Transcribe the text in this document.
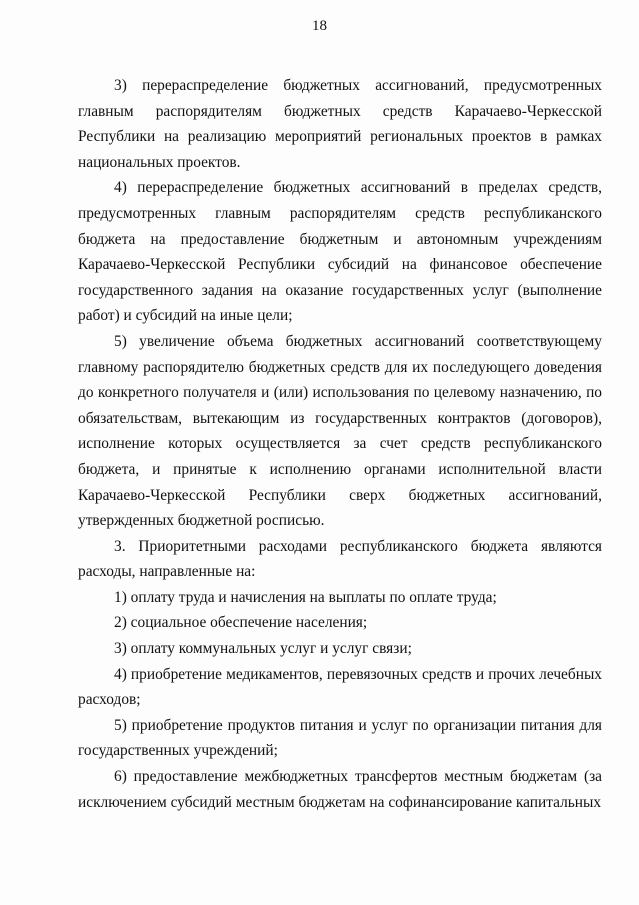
18

3) перераспределение бюджетных ассигнований, предусмотренных главным распорядителям бюджетных средств Карачаево-Черкесской Республики на реализацию мероприятий региональных проектов в рамках национальных проектов.

4) перераспределение бюджетных ассигнований в пределах средств, предусмотренных главным распорядителям средств республиканского бюджета на предоставление бюджетным и автономным учреждениям Карачаево-Черкесской Республики субсидий на финансовое обеспечение государственного задания на оказание государственных услуг (выполнение работ) и субсидий на иные цели;

5) увеличение объема бюджетных ассигнований соответствующему главному распорядителю бюджетных средств для их последующего доведения до конкретного получателя и (или) использования по целевому назначению, по обязательствам, вытекающим из государственных контрактов (договоров), исполнение которых осуществляется за счет средств республиканского бюджета, и принятые к исполнению органами исполнительной власти Карачаево-Черкесской Республики сверх бюджетных ассигнований, утвержденных бюджетной росписью.

3. Приоритетными расходами республиканского бюджета являются расходы, направленные на:

1) оплату труда и начисления на выплаты по оплате труда;

2) социальное обеспечение населения;

3) оплату коммунальных услуг и услуг связи;

4) приобретение медикаментов, перевязочных средств и прочих лечебных расходов;

5) приобретение продуктов питания и услуг по организации питания для государственных учреждений;

6) предоставление межбюджетных трансфертов местным бюджетам (за исключением субсидий местным бюджетам на софинансирование капитальных
